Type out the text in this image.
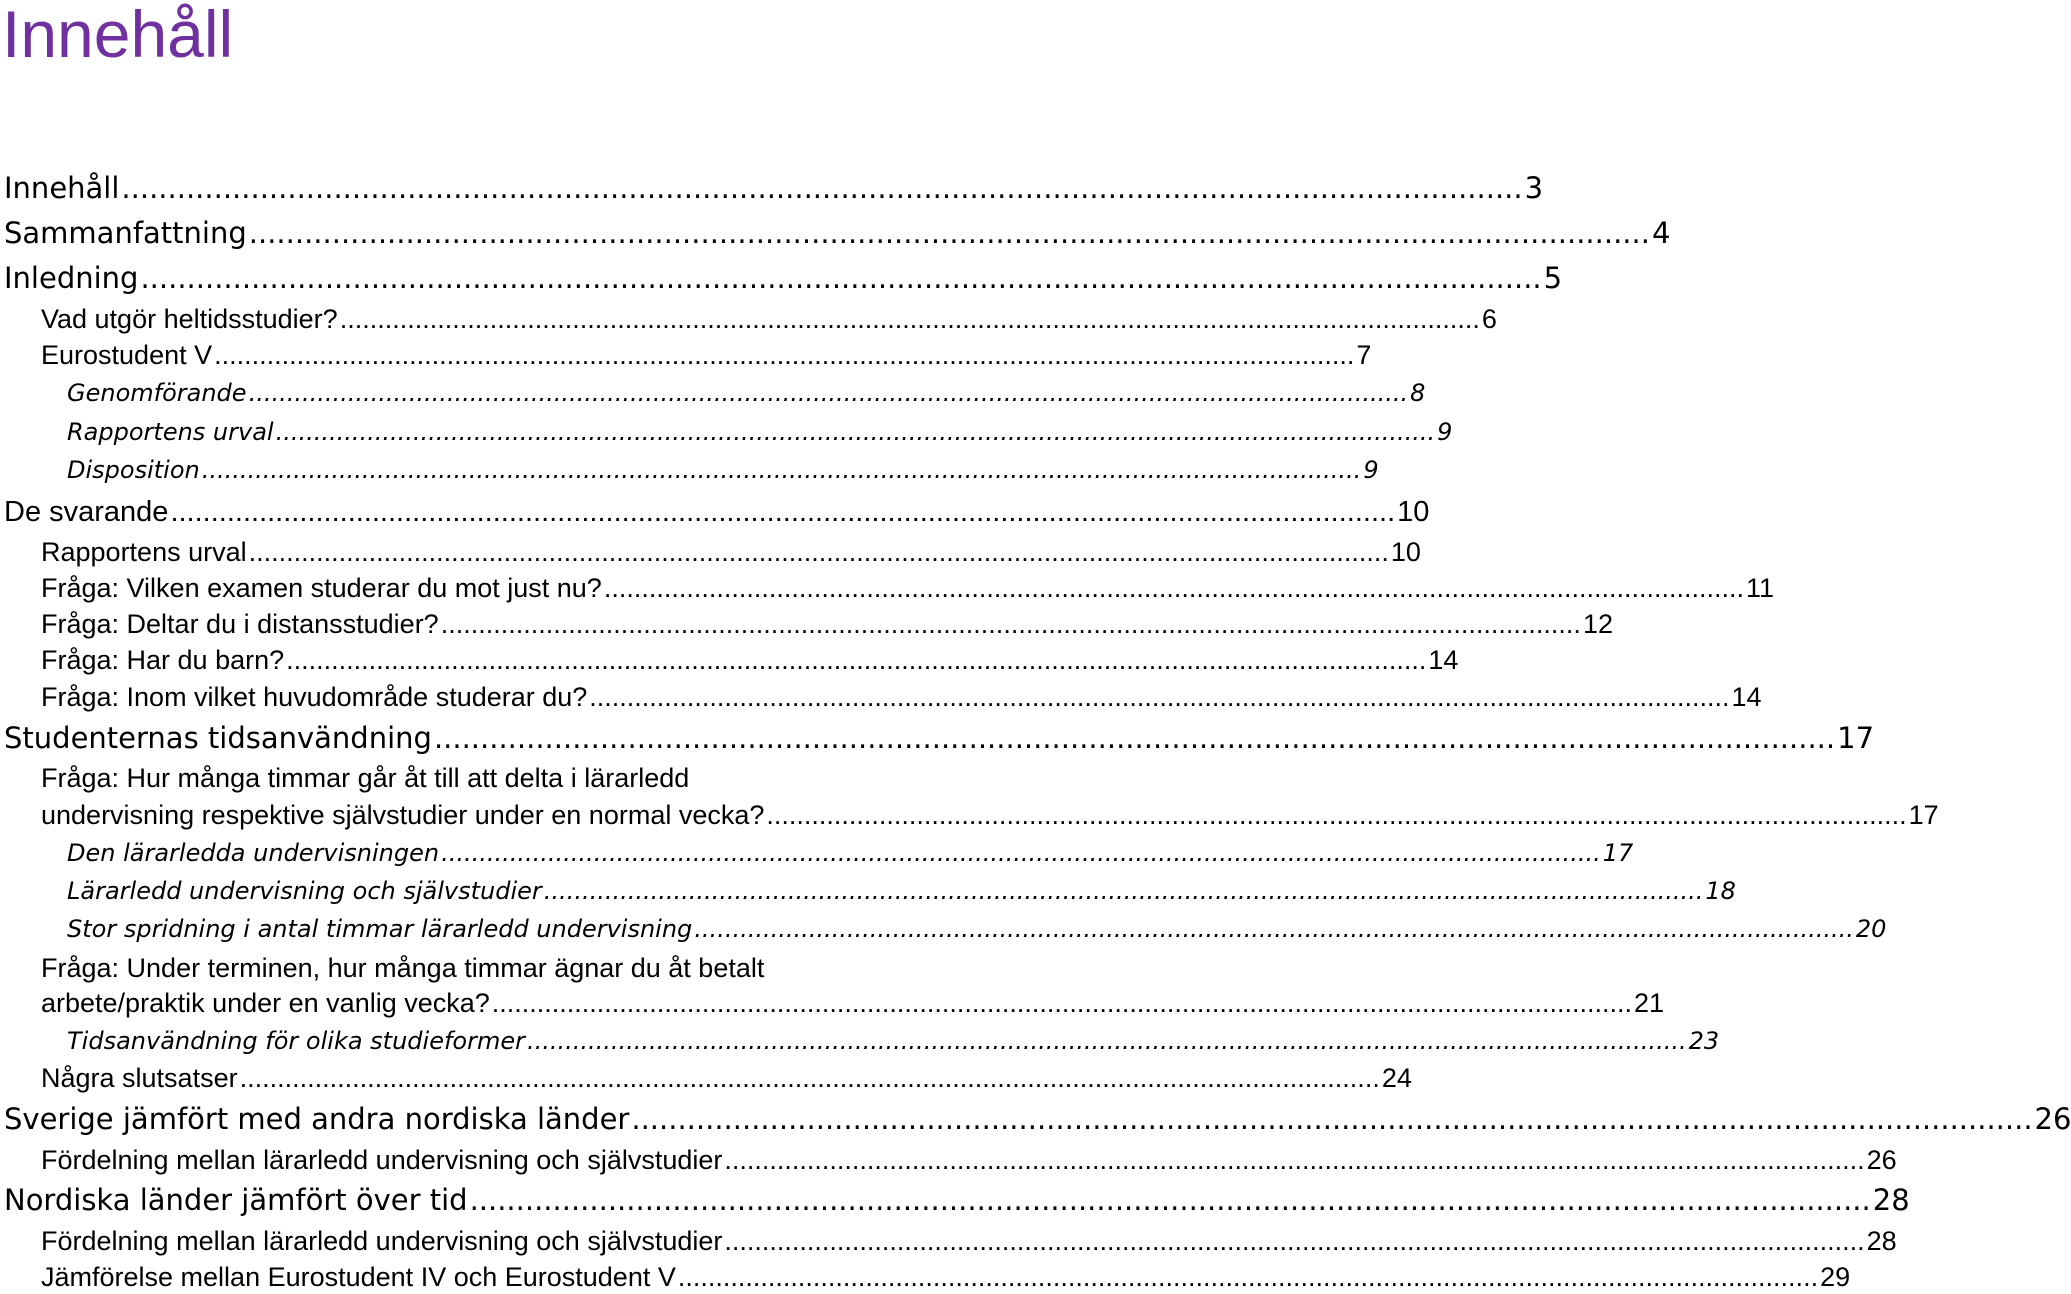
Innehåll
Innehåll ........................................................................................................................................................ 3
Sammanfattning ........................................................................................................................................................ 4
Inledning ........................................................................................................................................................ 5
Vad utgör heltidsstudier? ........................................................................................................................................................ 6
Eurostudent V ........................................................................................................................................................ 7
Genomförande ........................................................................................................................................................ 8
Rapportens urval ........................................................................................................................................................ 9
Disposition ........................................................................................................................................................ 9
De svarande ........................................................................................................................................................ 10
Rapportens urval ........................................................................................................................................................ 10
Fråga: Vilken examen studerar du mot just nu? ........................................................................................................................................................ 11
Fråga: Deltar du i distansstudier? ........................................................................................................................................................ 12
Fråga: Har du barn? ........................................................................................................................................................ 14
Fråga: Inom vilket huvudområde studerar du? ........................................................................................................................................................ 14
Studenternas tidsanvändning ........................................................................................................................................................ 17
Fråga: Hur många timmar går åt till att delta i lärarledd
undervisning respektive självstudier under en normal vecka? ........................................................................................................................................................ 17
Den lärarledda undervisningen ........................................................................................................................................................ 17
Lärarledd undervisning och självstudier ........................................................................................................................................................ 18
Stor spridning i antal timmar lärarledd undervisning ........................................................................................................................................................ 20
Fråga: Under terminen, hur många timmar ägnar du åt betalt
arbete/praktik under en vanlig vecka? ........................................................................................................................................................ 21
Tidsanvändning för olika studieformer ........................................................................................................................................................ 23
Några slutsatser ........................................................................................................................................................ 24
Sverige jämfört med andra nordiska länder ........................................................................................................................................................ 26
Fördelning mellan lärarledd undervisning och självstudier ........................................................................................................................................................ 26
Nordiska länder jämfört över tid ........................................................................................................................................................ 28
Fördelning mellan lärarledd undervisning och självstudier ........................................................................................................................................................ 28
Jämförelse mellan Eurostudent IV och Eurostudent V ........................................................................................................................................................ 29
